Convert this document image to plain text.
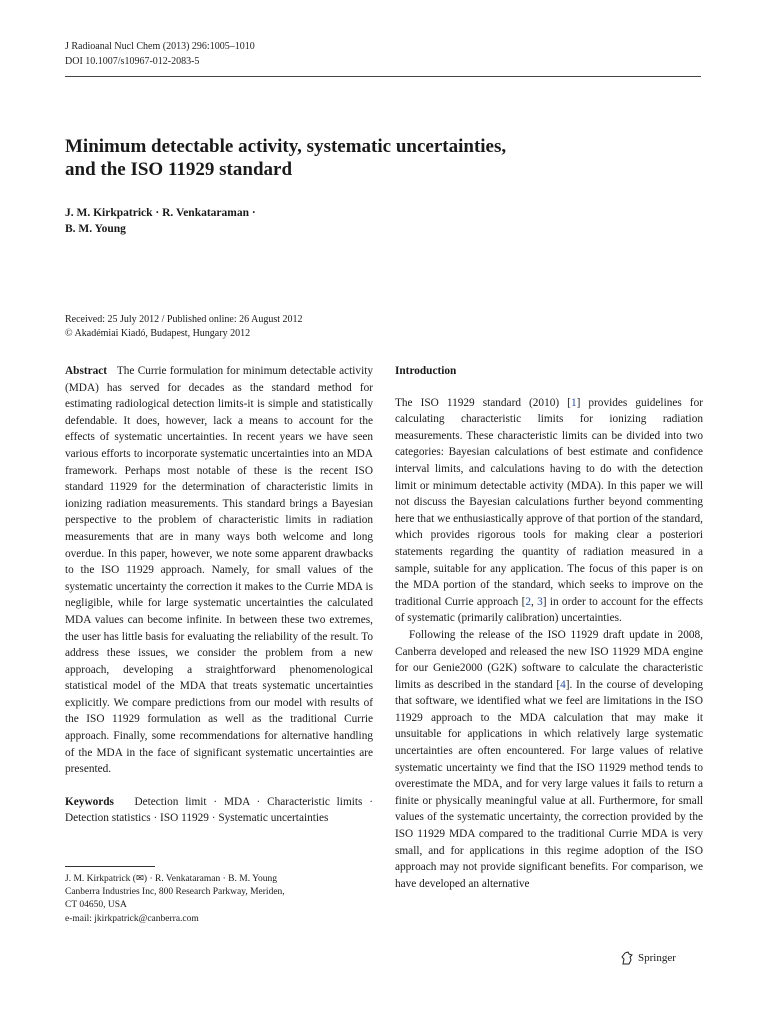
J Radioanal Nucl Chem (2013) 296:1005–1010
DOI 10.1007/s10967-012-2083-5
Minimum detectable activity, systematic uncertainties,
and the ISO 11929 standard
J. M. Kirkpatrick · R. Venkataraman ·
B. M. Young
Received: 25 July 2012 / Published online: 26 August 2012
© Akadémiai Kiadó, Budapest, Hungary 2012

Abstract The Currie formulation for minimum detectable activity (MDA) has served for decades as the standard method for estimating radiological detection limits-it is simple and statistically defendable. It does, however, lack a means to account for the effects of systematic uncertainties. In recent years we have seen various efforts to incorporate systematic uncertainties into an MDA framework. Perhaps most notable of these is the recent ISO standard 11929 for the determination of characteristic limits in ionizing radiation measurements. This standard brings a Bayesian perspective to the problem of characteristic limits in radiation measurements that are in many ways both welcome and long overdue. In this paper, however, we note some apparent drawbacks to the ISO 11929 approach. Namely, for small values of the systematic uncertainty the correction it makes to the Currie MDA is negligible, while for large systematic uncertainties the calculated MDA values can become infinite. In between these two extremes, the user has little basis for evaluating the reliability of the result. To address these issues, we consider the problem from a new approach, developing a straightforward phenomenological statistical model of the MDA that treats systematic uncertainties explicitly. We compare predictions from our model with results of the ISO 11929 formulation as well as the traditional Currie approach. Finally, some recommendations for alternative handling of the MDA in the face of significant systematic uncertainties are presented.

Keywords Detection limit · MDA · Characteristic limits · Detection statistics · ISO 11929 · Systematic uncertainties

J. M. Kirkpatrick (✉) · R. Venkataraman · B. M. Young
Canberra Industries Inc, 800 Research Parkway, Meriden,
CT 04650, USA
e-mail: jkirkpatrick@canberra.com
Introduction

The ISO 11929 standard (2010) [1] provides guidelines for calculating characteristic limits for ionizing radiation measurements. These characteristic limits can be divided into two categories: Bayesian calculations of best estimate and confidence interval limits, and calculations having to do with the detection limit or minimum detectable activity (MDA). In this paper we will not discuss the Bayesian calculations further beyond commenting here that we enthusiastically approve of that portion of the standard, which provides rigorous tools for making clear a posteriori statements regarding the quantity of radiation measured in a sample, suitable for any application. The focus of this paper is on the MDA portion of the standard, which seeks to improve on the traditional Currie approach [2, 3] in order to account for the effects of systematic (primarily calibration) uncertainties.

Following the release of the ISO 11929 draft update in 2008, Canberra developed and released the new ISO 11929 MDA engine for our Genie2000 (G2K) software to calculate the characteristic limits as described in the standard [4]. In the course of developing that software, we identified what we feel are limitations in the ISO 11929 approach to the MDA calculation that may make it unsuitable for applications in which relatively large systematic uncertainties are often encountered. For large values of relative systematic uncertainty we find that the ISO 11929 method tends to overestimate the MDA, and for very large values it fails to return a finite or physically meaningful value at all. Furthermore, for small values of the systematic uncertainty, the correction provided by the ISO 11929 MDA compared to the traditional Currie MDA is very small, and for applications in this regime adoption of the ISO approach may not provide significant benefits. For comparison, we have developed an alternative

Springer
